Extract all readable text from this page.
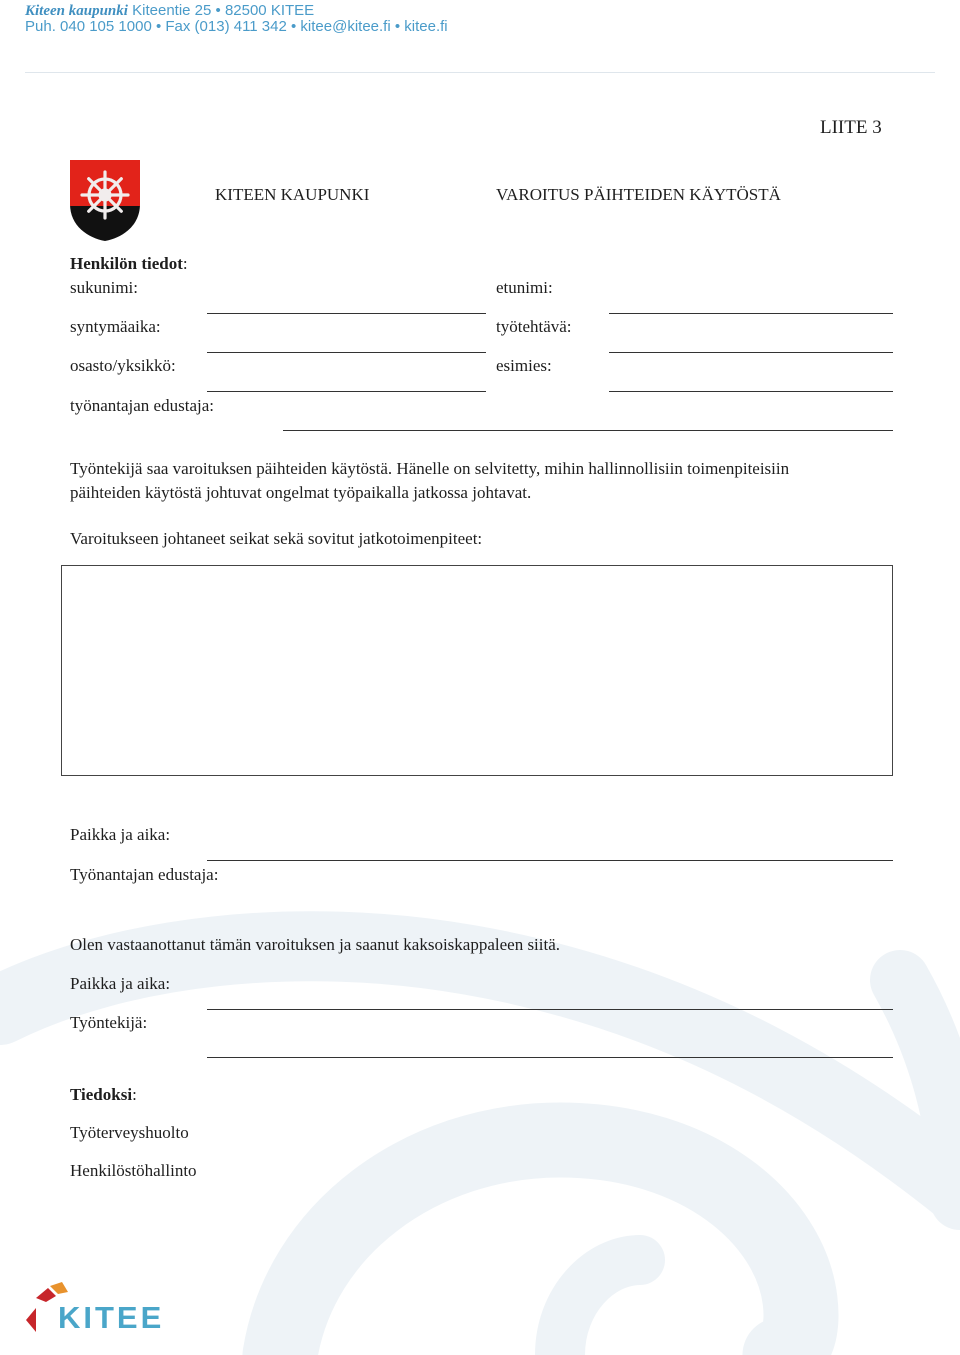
Kiteen kaupunki Kiteentie 25 • 82500 KITEE
Puh. 040 105 1000 • Fax (013) 411 342 • kitee@kitee.fi • kitee.fi
LIITE 3
KITEEN KAUPUNKI	VAROITUS PÄIHTEIDEN KÄYTÖSTÄ
Henkilön tiedot:
sukunimi:	etunimi:
syntymäaika:	työtehtävä:
osasto/yksikkö:	esimies:
työnantajan edustaja:

Työntekijä saa varoituksen päihteiden käytöstä. Hänelle on selvitetty, mihin hallinnollisiin toimenpiteisiin päihteiden käytöstä johtuvat ongelmat työpaikalla jatkossa johtavat.

Varoitukseen johtaneet seikat sekä sovitut jatkotoimenpiteet:
Paikka ja aika:
Työnantajan edustaja:
Olen vastaanottanut tämän varoituksen ja saanut kaksoiskappaleen siitä.
Paikka ja aika:
Työntekijä:
Tiedoksi:
Työterveyshuolto
Henkilöstöhallinto
KITEE
